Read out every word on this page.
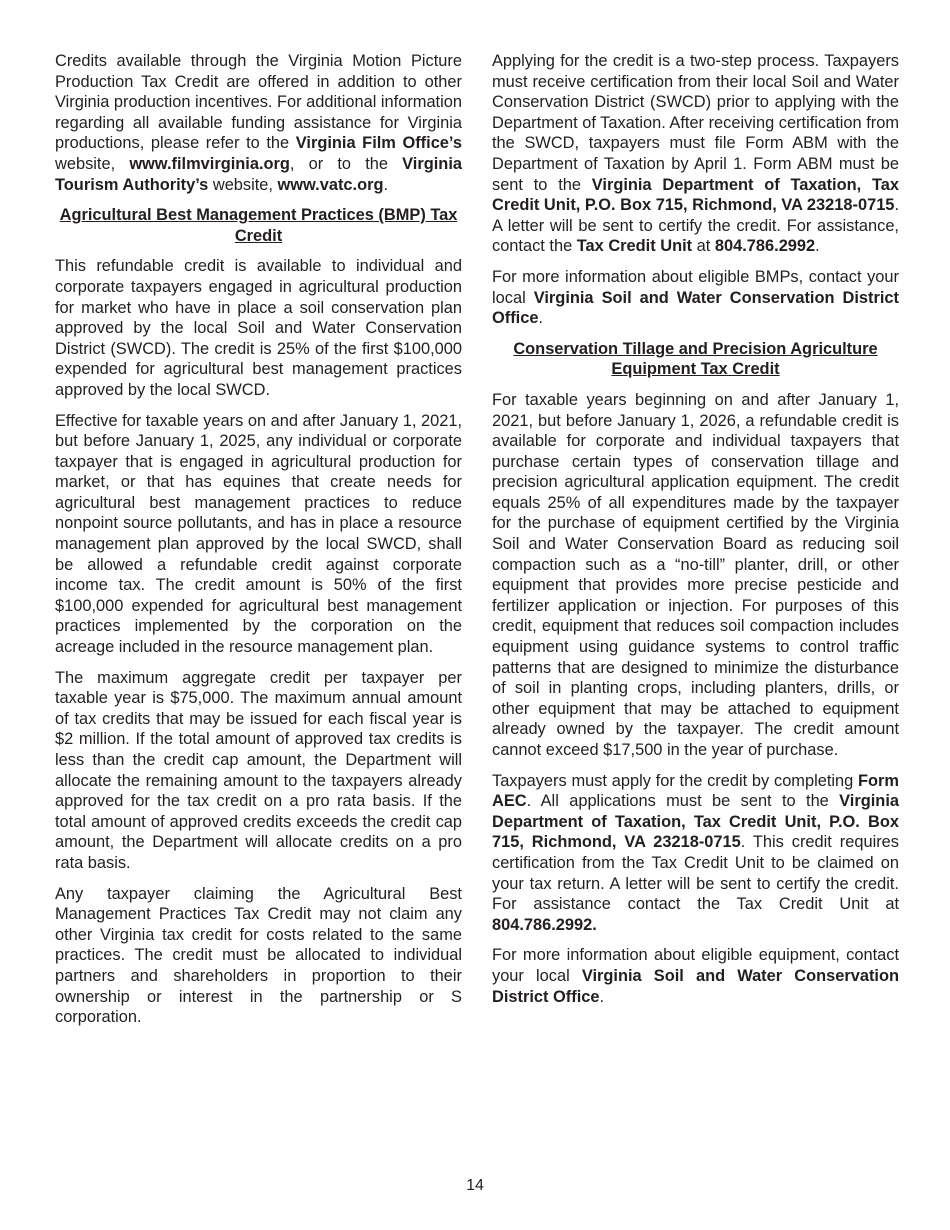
Credits available through the Virginia Motion Picture Production Tax Credit are offered in addition to other Virginia production incentives. For additional information regarding all available funding assistance for Virginia productions, please refer to the Virginia Film Office’s website, www.filmvirginia.org, or to the Virginia Tourism Authority’s website, www.vatc.org.

Agricultural Best Management Practices (BMP) Tax Credit

This refundable credit is available to individual and corporate taxpayers engaged in agricultural production for market who have in place a soil conservation plan approved by the local Soil and Water Conservation District (SWCD). The credit is 25% of the first $100,000 expended for agricultural best management practices approved by the local SWCD.

Effective for taxable years on and after January 1, 2021, but before January 1, 2025, any individual or corporate taxpayer that is engaged in agricultural production for market, or that has equines that create needs for agricultural best management practices to reduce nonpoint source pollutants, and has in place a resource management plan approved by the local SWCD, shall be allowed a refundable credit against corporate income tax. The credit amount is 50% of the first $100,000 expended for agricultural best management practices implemented by the corporation on the acreage included in the resource management plan.

The maximum aggregate credit per taxpayer per taxable year is $75,000. The maximum annual amount of tax credits that may be issued for each fiscal year is $2 million. If the total amount of approved tax credits is less than the credit cap amount, the Department will allocate the remaining amount to the taxpayers already approved for the tax credit on a pro rata basis. If the total amount of approved credits exceeds the credit cap amount, the Department will allocate credits on a pro rata basis.

Any taxpayer claiming the Agricultural Best Management Practices Tax Credit may not claim any other Virginia tax credit for costs related to the same practices. The credit must be allocated to individual partners and shareholders in proportion to their ownership or interest in the partnership or S corporation.

Applying for the credit is a two-step process. Taxpayers must receive certification from their local Soil and Water Conservation District (SWCD) prior to applying with the Department of Taxation. After receiving certification from the SWCD, taxpayers must file Form ABM with the Department of Taxation by April 1. Form ABM must be sent to the Virginia Department of Taxation, Tax Credit Unit, P.O. Box 715, Richmond, VA 23218-0715. A letter will be sent to certify the credit. For assistance, contact the Tax Credit Unit at 804.786.2992.

For more information about eligible BMPs, contact your local Virginia Soil and Water Conservation District Office.

Conservation Tillage and Precision Agriculture Equipment Tax Credit

For taxable years beginning on and after January 1, 2021, but before January 1, 2026, a refundable credit is available for corporate and individual taxpayers that purchase certain types of conservation tillage and precision agricultural application equipment. The credit equals 25% of all expenditures made by the taxpayer for the purchase of equipment certified by the Virginia Soil and Water Conservation Board as reducing soil compaction such as a “no-till” planter, drill, or other equipment that provides more precise pesticide and fertilizer application or injection. For purposes of this credit, equipment that reduces soil compaction includes equipment using guidance systems to control traffic patterns that are designed to minimize the disturbance of soil in planting crops, including planters, drills, or other equipment that may be attached to equipment already owned by the taxpayer. The credit amount cannot exceed $17,500 in the year of purchase.

Taxpayers must apply for the credit by completing Form AEC. All applications must be sent to the Virginia Department of Taxation, Tax Credit Unit, P.O. Box 715, Richmond, VA 23218-0715. This credit requires certification from the Tax Credit Unit to be claimed on your tax return. A letter will be sent to certify the credit. For assistance contact the Tax Credit Unit at 804.786.2992.

For more information about eligible equipment, contact your local Virginia Soil and Water Conservation District Office.

14
